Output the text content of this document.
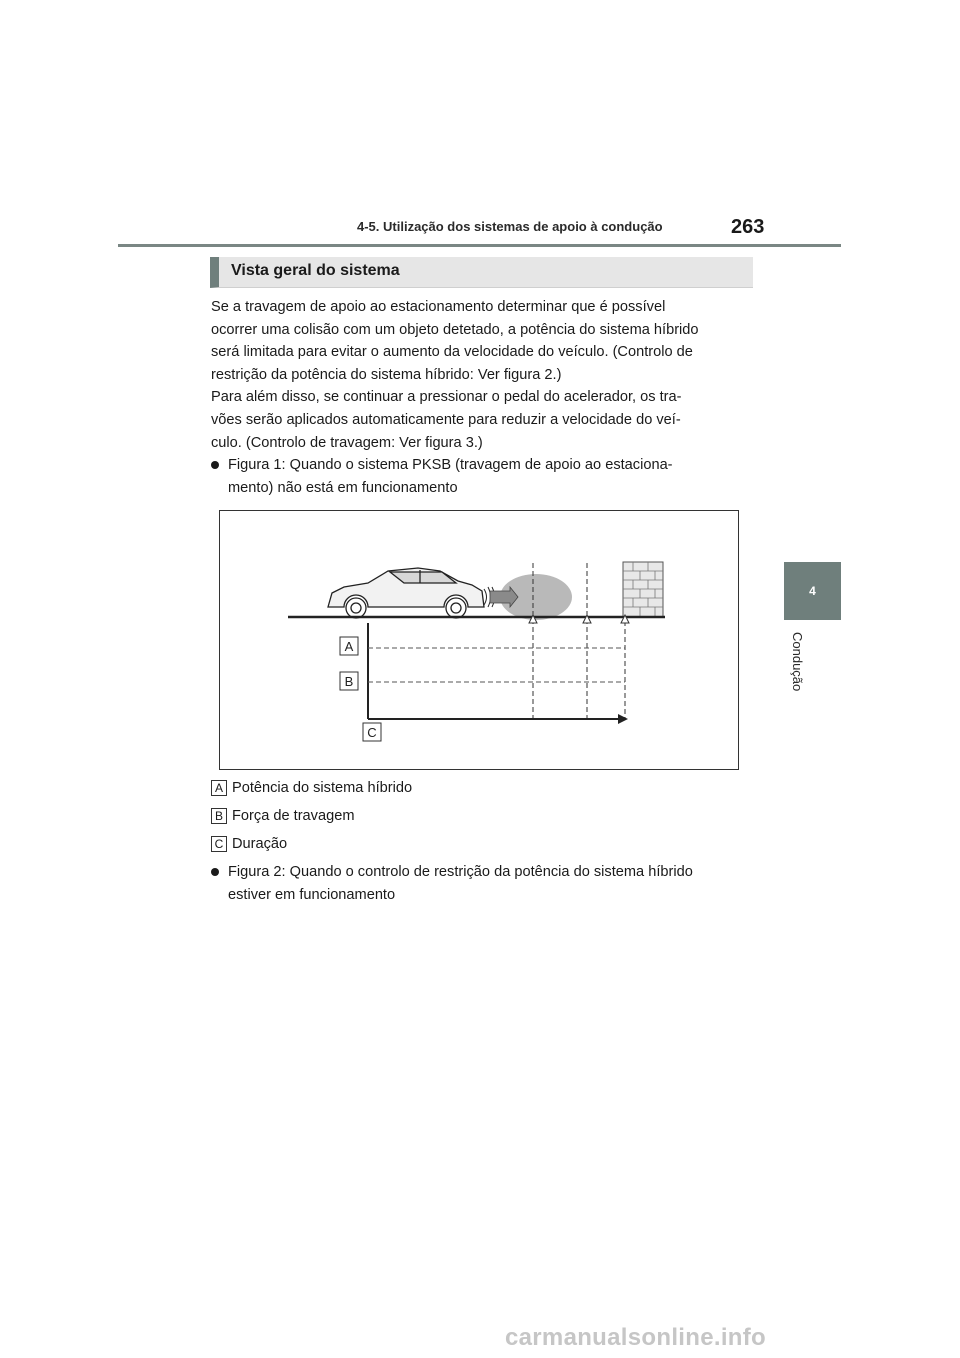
4-5. Utilização dos sistemas de apoio à condução	263
4
Condução
Vista geral do sistema

Se a travagem de apoio ao estacionamento determinar que é possível

ocorrer uma colisão com um objeto detetado, a potência do sistema híbrido

será limitada para evitar o aumento da velocidade do veículo. (Controlo de

restrição da potência do sistema híbrido: Ver figura 2.)

Para além disso, se continuar a pressionar o pedal do acelerador, os tra-

vões serão aplicados automaticamente para reduzir a velocidade do veí-

culo. (Controlo de travagem: Ver figura 3.)

Figura 1: Quando o sistema PKSB (travagem de apoio ao estaciona-
mento) não está em funcionamento
A
B
C
A Potência do sistema híbrido
B Força de travagem
C Duração
Figura 2: Quando o controlo de restrição da potência do sistema híbrido
estiver em funcionamento
carmanualsonline.info
